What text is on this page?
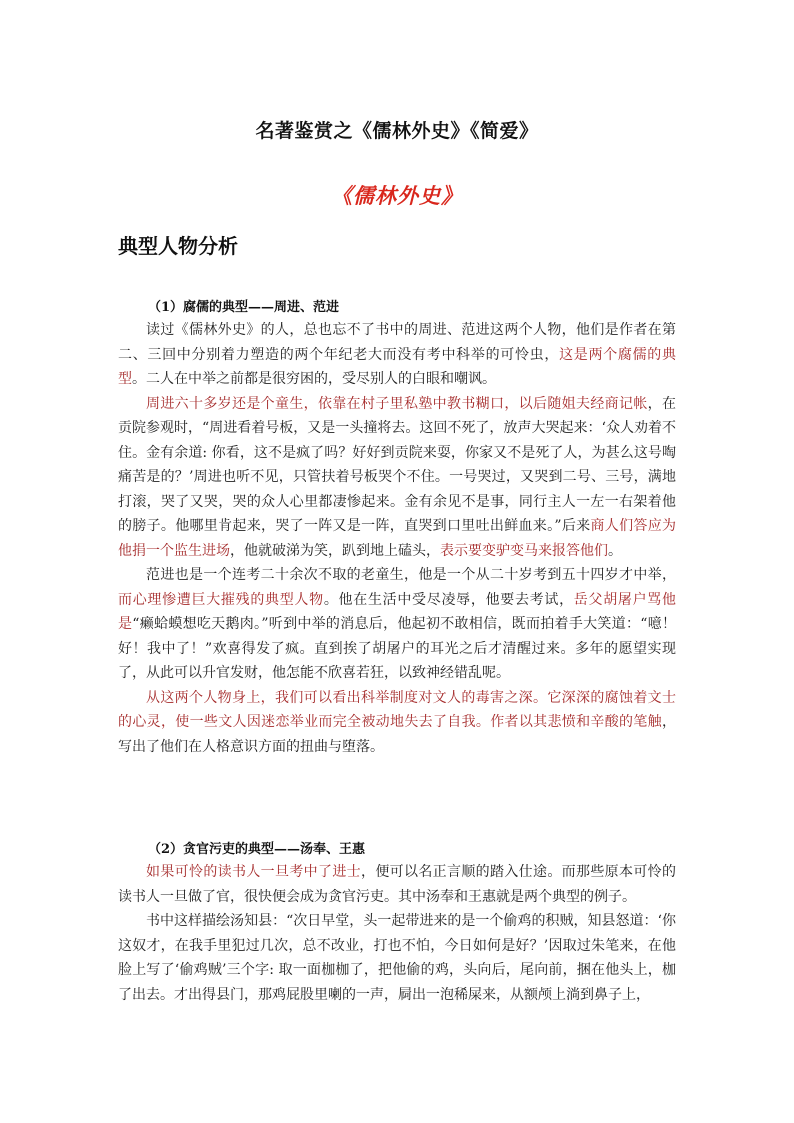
名著鉴赏之《儒林外史》《简爱》
《儒林外史》
典型人物分析
（1）腐儒的典型——周进、范进

读过《儒林外史》的人，总也忘不了书中的周进、范进这两个人物，他们是作者在第二、三回中分别着力塑造的两个年纪老大而没有考中科举的可怜虫，这是两个腐儒的典型。二人在中举之前都是很穷困的，受尽别人的白眼和嘲讽。

周进六十多岁还是个童生，依靠在村子里私塾中教书糊口，以后随姐夫经商记帐，在贡院参观时，“周进看着号板，又是一头撞将去。这回不死了，放声大哭起来：‘众人劝着不住。金有余道: 你看，这不是疯了吗？好好到贡院来耍，你家又不是死了人，为甚么这号啕痛苦是的？’周进也听不见，只管扶着号板哭个不住。一号哭过，又哭到二号、三号，满地打滚，哭了又哭，哭的众人心里都凄惨起来。金有余见不是事，同行主人一左一右架着他的膀子。他哪里肯起来，哭了一阵又是一阵，直哭到口里吐出鲜血来。”后来商人们答应为他捐一个监生进场，他就破涕为笑，趴到地上磕头，表示要变驴变马来报答他们。

范进也是一个连考二十余次不取的老童生，他是一个从二十岁考到五十四岁才中举，而心理惨遭巨大摧残的典型人物。他在生活中受尽凌辱，他要去考试，岳父胡屠户骂他是“癞蛤蟆想吃天鹅肉。”听到中举的消息后，他起初不敢相信，既而拍着手大笑道：“噫！好！我中了！”欢喜得发了疯。直到挨了胡屠户的耳光之后才清醒过来。多年的愿望实现了，从此可以升官发财，他怎能不欣喜若狂，以致神经错乱呢。

从这两个人物身上，我们可以看出科举制度对文人的毒害之深。它深深的腐蚀着文士的心灵，使一些文人因迷恋举业而完全被动地失去了自我。作者以其悲愤和辛酸的笔触，写出了他们在人格意识方面的扭曲与堕落。

（2）贪官污吏的典型——汤奉、王惠

如果可怜的读书人一旦考中了进士，便可以名正言顺的踏入仕途。而那些原本可怜的读书人一旦做了官，很快便会成为贪官污吏。其中汤奉和王惠就是两个典型的例子。

书中这样描绘汤知县：“次日早堂，头一起带进来的是一个偷鸡的积贼，知县怒道：‘你这奴才，在我手里犯过几次，总不改业，打也不怕，今日如何是好？’因取过朱笔来，在他脸上写了‘偷鸡贼’三个字: 取一面枷枷了，把他偷的鸡，头向后，尾向前，捆在他头上，枷了出去。才出得县门，那鸡屁股里喇的一声，屙出一泡稀屎来，从额颅上淌到鼻子上，
